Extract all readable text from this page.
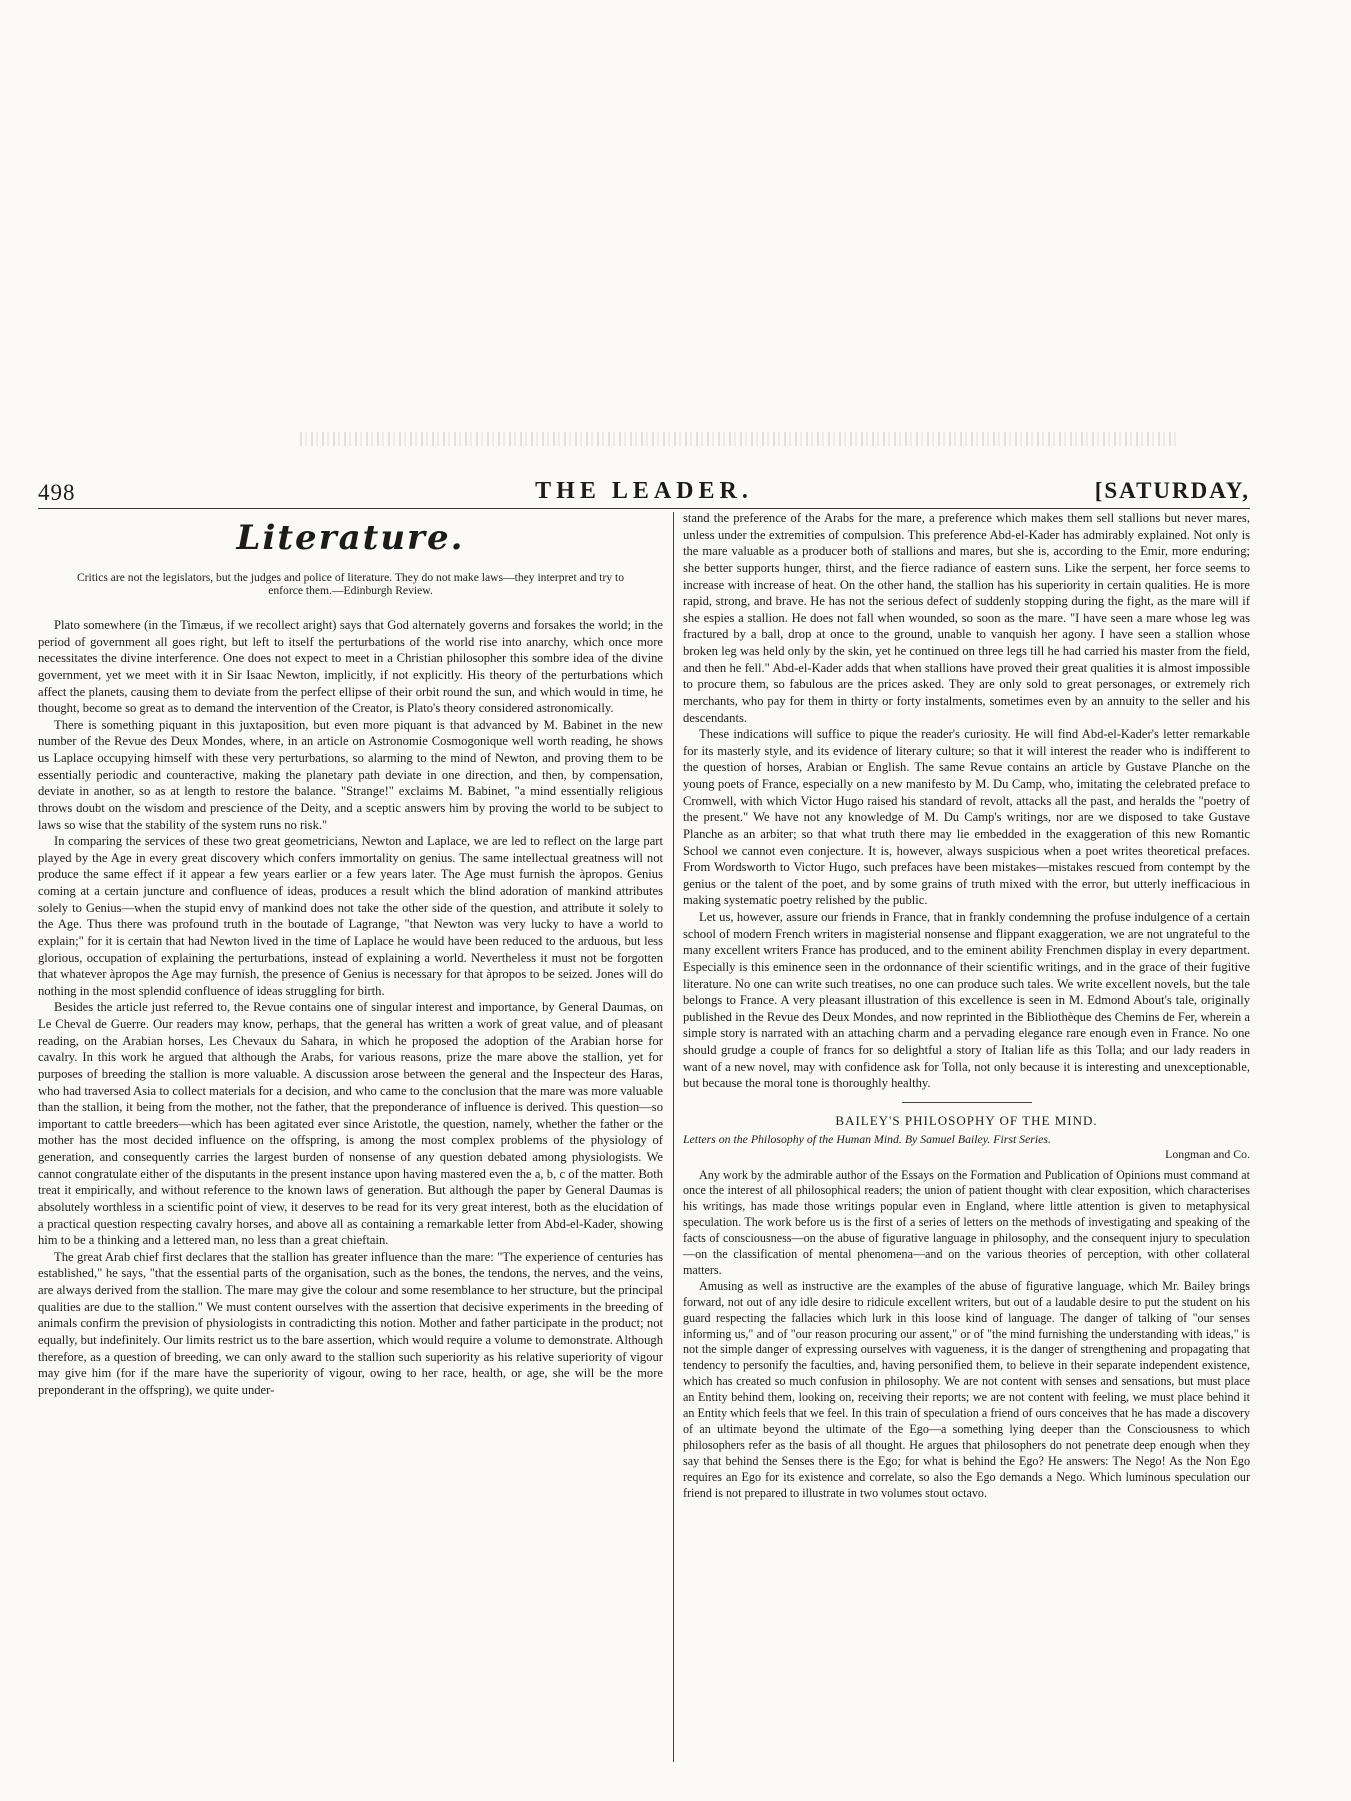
498	THE LEADER.	[SATURDAY,
Literature.
Critics are not the legislators, but the judges and police of literature. They do not make laws—they interpret and try to enforce them.—Edinburgh Review.

Plato somewhere (in the Timæus, if we recollect aright) says that God alternately governs and forsakes the world; in the period of government all goes right, but left to itself the perturbations of the world rise into anarchy, which once more necessitates the divine interference. One does not expect to meet in a Christian philosopher this sombre idea of the divine government, yet we meet with it in Sir Isaac Newton, implicitly, if not explicitly. His theory of the perturbations which affect the planets, causing them to deviate from the perfect ellipse of their orbit round the sun, and which would in time, he thought, become so great as to demand the intervention of the Creator, is Plato's theory considered astronomically.

There is something piquant in this juxtaposition, but even more piquant is that advanced by M. Babinet in the new number of the Revue des Deux Mondes, where, in an article on Astronomie Cosmogonique well worth reading, he shows us Laplace occupying himself with these very perturbations, so alarming to the mind of Newton, and proving them to be essentially periodic and counteractive, making the planetary path deviate in one direction, and then, by compensation, deviate in another, so as at length to restore the balance. "Strange!" exclaims M. Babinet, "a mind essentially religious throws doubt on the wisdom and prescience of the Deity, and a sceptic answers him by proving the world to be subject to laws so wise that the stability of the system runs no risk."

In comparing the services of these two great geometricians, Newton and Laplace, we are led to reflect on the large part played by the Age in every great discovery which confers immortality on genius. The same intellectual greatness will not produce the same effect if it appear a few years earlier or a few years later. The Age must furnish the àpropos. Genius coming at a certain juncture and confluence of ideas, produces a result which the blind adoration of mankind attributes solely to Genius—when the stupid envy of mankind does not take the other side of the question, and attribute it solely to the Age. Thus there was profound truth in the boutade of Lagrange, "that Newton was very lucky to have a world to explain;" for it is certain that had Newton lived in the time of Laplace he would have been reduced to the arduous, but less glorious, occupation of explaining the perturbations, instead of explaining a world. Nevertheless it must not be forgotten that whatever àpropos the Age may furnish, the presence of Genius is necessary for that àpropos to be seized. Jones will do nothing in the most splendid confluence of ideas struggling for birth.

Besides the article just referred to, the Revue contains one of singular interest and importance, by General Daumas, on Le Cheval de Guerre. Our readers may know, perhaps, that the general has written a work of great value, and of pleasant reading, on the Arabian horses, Les Chevaux du Sahara, in which he proposed the adoption of the Arabian horse for cavalry. In this work he argued that although the Arabs, for various reasons, prize the mare above the stallion, yet for purposes of breeding the stallion is more valuable. A discussion arose between the general and the Inspecteur des Haras, who had traversed Asia to collect materials for a decision, and who came to the conclusion that the mare was more valuable than the stallion, it being from the mother, not the father, that the preponderance of influence is derived. This question—so important to cattle breeders—which has been agitated ever since Aristotle, the question, namely, whether the father or the mother has the most decided influence on the offspring, is among the most complex problems of the physiology of generation, and consequently carries the largest burden of nonsense of any question debated among physiologists. We cannot congratulate either of the disputants in the present instance upon having mastered even the a, b, c of the matter. Both treat it empirically, and without reference to the known laws of generation. But although the paper by General Daumas is absolutely worthless in a scientific point of view, it deserves to be read for its very great interest, both as the elucidation of a practical question respecting cavalry horses, and above all as containing a remarkable letter from Abd-el-Kader, showing him to be a thinking and a lettered man, no less than a great chieftain.

The great Arab chief first declares that the stallion has greater influence than the mare: "The experience of centuries has established," he says, "that the essential parts of the organisation, such as the bones, the tendons, the nerves, and the veins, are always derived from the stallion. The mare may give the colour and some resemblance to her structure, but the principal qualities are due to the stallion." We must content ourselves with the assertion that decisive experiments in the breeding of animals confirm the prevision of physiologists in contradicting this notion. Mother and father participate in the product; not equally, but indefinitely. Our limits restrict us to the bare assertion, which would require a volume to demonstrate. Although therefore, as a question of breeding, we can only award to the stallion such superiority as his relative superiority of vigour may give him (for if the mare have the superiority of vigour, owing to her race, health, or age, she will be the more preponderant in the offspring), we quite under-

stand the preference of the Arabs for the mare, a preference which makes them sell stallions but never mares, unless under the extremities of compulsion. This preference Abd-el-Kader has admirably explained. Not only is the mare valuable as a producer both of stallions and mares, but she is, according to the Emir, more enduring; she better supports hunger, thirst, and the fierce radiance of eastern suns. Like the serpent, her force seems to increase with increase of heat. On the other hand, the stallion has his superiority in certain qualities. He is more rapid, strong, and brave. He has not the serious defect of suddenly stopping during the fight, as the mare will if she espies a stallion. He does not fall when wounded, so soon as the mare. "I have seen a mare whose leg was fractured by a ball, drop at once to the ground, unable to vanquish her agony. I have seen a stallion whose broken leg was held only by the skin, yet he continued on three legs till he had carried his master from the field, and then he fell." Abd-el-Kader adds that when stallions have proved their great qualities it is almost impossible to procure them, so fabulous are the prices asked. They are only sold to great personages, or extremely rich merchants, who pay for them in thirty or forty instalments, sometimes even by an annuity to the seller and his descendants.

These indications will suffice to pique the reader's curiosity. He will find Abd-el-Kader's letter remarkable for its masterly style, and its evidence of literary culture; so that it will interest the reader who is indifferent to the question of horses, Arabian or English. The same Revue contains an article by Gustave Planche on the young poets of France, especially on a new manifesto by M. Du Camp, who, imitating the celebrated preface to Cromwell, with which Victor Hugo raised his standard of revolt, attacks all the past, and heralds the "poetry of the present." We have not any knowledge of M. Du Camp's writings, nor are we disposed to take Gustave Planche as an arbiter; so that what truth there may lie embedded in the exaggeration of this new Romantic School we cannot even conjecture. It is, however, always suspicious when a poet writes theoretical prefaces. From Wordsworth to Victor Hugo, such prefaces have been mistakes—mistakes rescued from contempt by the genius or the talent of the poet, and by some grains of truth mixed with the error, but utterly inefficacious in making systematic poetry relished by the public.

Let us, however, assure our friends in France, that in frankly condemning the profuse indulgence of a certain school of modern French writers in magisterial nonsense and flippant exaggeration, we are not ungrateful to the many excellent writers France has produced, and to the eminent ability Frenchmen display in every department. Especially is this eminence seen in the ordonnance of their scientific writings, and in the grace of their fugitive literature. No one can write such treatises, no one can produce such tales. We write excellent novels, but the tale belongs to France. A very pleasant illustration of this excellence is seen in M. Edmond About's tale, originally published in the Revue des Deux Mondes, and now reprinted in the Bibliothèque des Chemins de Fer, wherein a simple story is narrated with an attaching charm and a pervading elegance rare enough even in France. No one should grudge a couple of francs for so delightful a story of Italian life as this Tolla; and our lady readers in want of a new novel, may with confidence ask for Tolla, not only because it is interesting and unexceptionable, but because the moral tone is thoroughly healthy.

BAILEY'S PHILOSOPHY OF THE MIND.

Letters on the Philosophy of the Human Mind. By Samuel Bailey. First Series.

Longman and Co.

Any work by the admirable author of the Essays on the Formation and Publication of Opinions must command at once the interest of all philosophical readers; the union of patient thought with clear exposition, which characterises his writings, has made those writings popular even in England, where little attention is given to metaphysical speculation. The work before us is the first of a series of letters on the methods of investigating and speaking of the facts of consciousness—on the abuse of figurative language in philosophy, and the consequent injury to speculation—on the classification of mental phenomena—and on the various theories of perception, with other collateral matters.

Amusing as well as instructive are the examples of the abuse of figurative language, which Mr. Bailey brings forward, not out of any idle desire to ridicule excellent writers, but out of a laudable desire to put the student on his guard respecting the fallacies which lurk in this loose kind of language. The danger of talking of "our senses informing us," and of "our reason procuring our assent," or of "the mind furnishing the understanding with ideas," is not the simple danger of expressing ourselves with vagueness, it is the danger of strengthening and propagating that tendency to personify the faculties, and, having personified them, to believe in their separate independent existence, which has created so much confusion in philosophy. We are not content with senses and sensations, but must place an Entity behind them, looking on, receiving their reports; we are not content with feeling, we must place behind it an Entity which feels that we feel. In this train of speculation a friend of ours conceives that he has made a discovery of an ultimate beyond the ultimate of the Ego—a something lying deeper than the Consciousness to which philosophers refer as the basis of all thought. He argues that philosophers do not penetrate deep enough when they say that behind the Senses there is the Ego; for what is behind the Ego? He answers: The Nego! As the Non Ego requires an Ego for its existence and correlate, so also the Ego demands a Nego. Which luminous speculation our friend is not prepared to illustrate in two volumes stout octavo.
